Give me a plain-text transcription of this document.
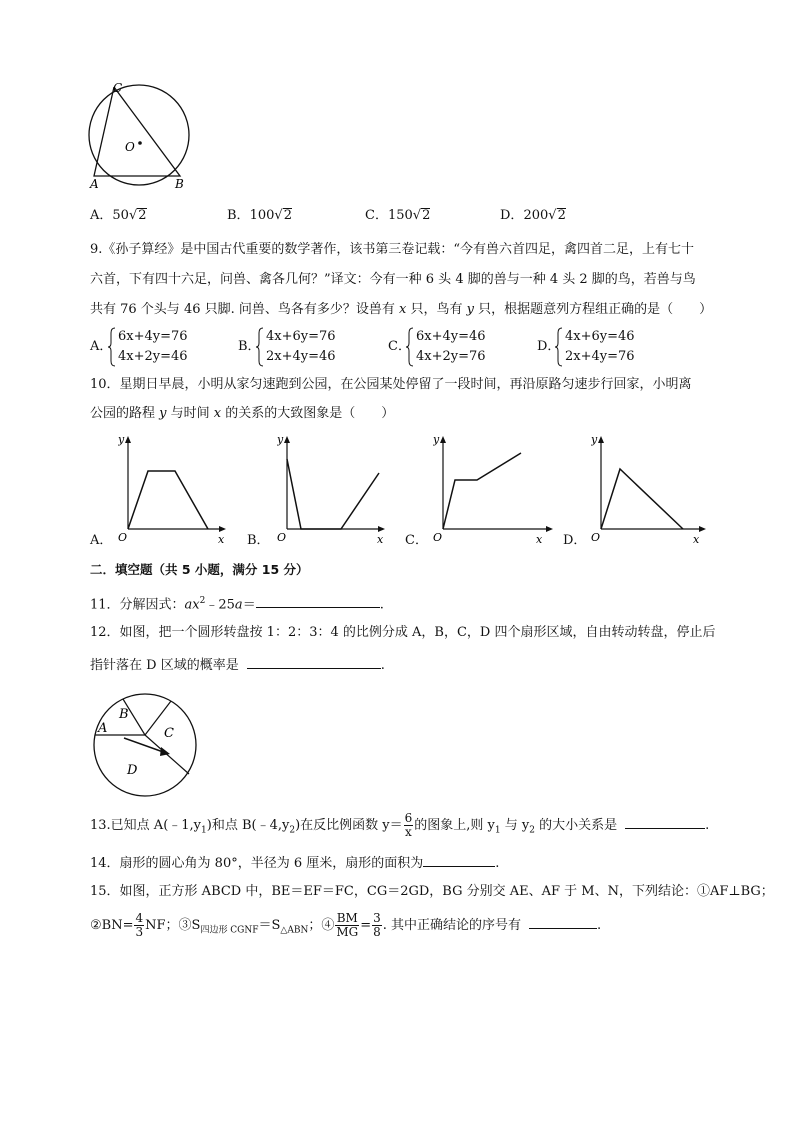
C
O
A	B
A．50√2	B．100√2	C．150√2	D．200√2
9.《孙子算经》是中国古代重要的数学著作，该书第三卷记载：“今有兽六首四足，禽四首二足，上有七十
六首，下有四十六足，问兽、禽各几何？”译文：今有一种 6 头 4 脚的兽与一种 4 头 2 脚的鸟，若兽与鸟
共有 76 个头与 46 只脚. 问兽、鸟各有多少？设兽有 x 只，鸟有 y 只，根据题意列方程组正确的是（　　）
A．
6x+4y=76
4x+2y=46
B．
4x+6y=76
2x+4y=46
C．
6x+4y=46
4x+2y=76
D．
4x+6y=46
2x+4y=76
10．星期日早晨，小明从家匀速跑到公园，在公园某处停留了一段时间，再沿原路匀速步行回家，小明离
公园的路程 y 与时间 x 的关系的大致图象是（　　）
y
x
O
A．
y
x
O
B．
y
x
O
C．
y
x
O
D．
二．填空题（共 5 小题，满分 15 分）
11．分解因式：$ax^2﹣25a=$	.
12．如图，把一个圆形转盘按 1：2：3：4 的比例分成 A，B，C，D 四个扇形区域，自由转动转盘，停止后
指针落在 D 区域的概率是	.
B
A	C
D
13.已知点 $A(﹣1,y_1)$和点 $B(﹣4,y_2)$在反比例函数 $y= \frac{6}{x}$ 的图象上,则 $y_1$ 与 $y_2$ 的大小关系是	.
14．扇形的圆心角为 80°，半径为 6 厘米，扇形的面积为	.
15．如图，正方形 ABCD 中，BE＝EF＝FC，CG＝2GD，BG 分别交 AE、AF 于 M、N，下列结论：①AF⊥BG；
②BN= $\frac{4}{3}$ NF；$③S_{四边形 CGNF}=S_{\triangle ABN}$；④ $\frac{BM}{MG} = \frac{3}{8}$ . 其中正确结论的序号有	.
